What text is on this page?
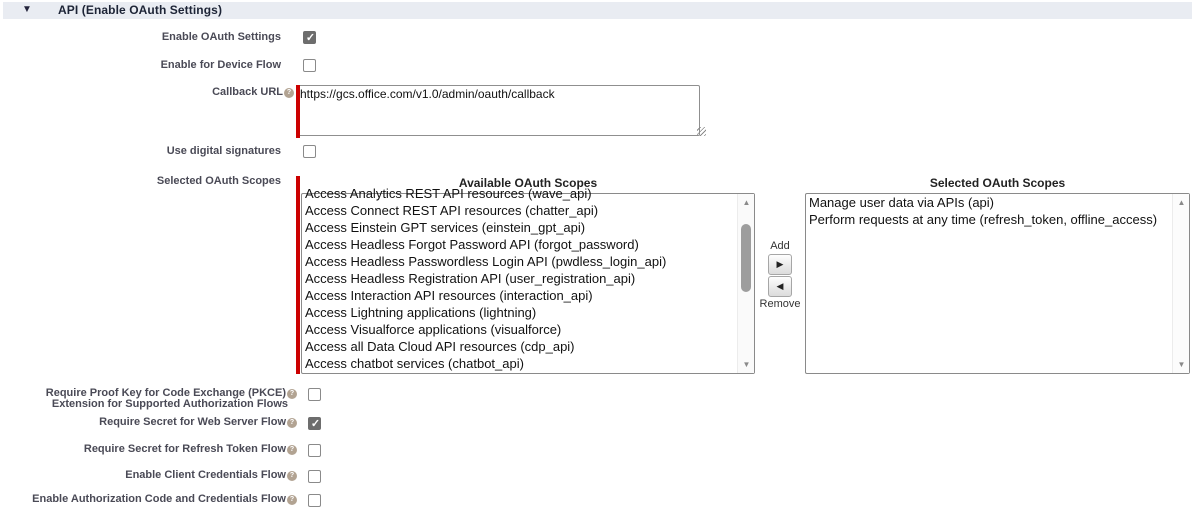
▼ API (Enable OAuth Settings)
Enable OAuth Settings
✓
Enable for Device Flow
Callback URL ?
https://gcs.office.com/v1.0/admin/oauth/callback
Use digital signatures
Selected OAuth Scopes	Available OAuth Scopes	Selected OAuth Scopes
Access Analytics REST API resources (wave_api)
Access Connect REST API resources (chatter_api)
Access Einstein GPT services (einstein_gpt_api)
Access Headless Forgot Password API (forgot_password)
Access Headless Passwordless Login API (pwdless_login_api)
Access Headless Registration API (user_registration_api)
Access Interaction API resources (interaction_api)
Access Lightning applications (lightning)
Access Visualforce applications (visualforce)
Access all Data Cloud API resources (cdp_api)
Access chatbot services (chatbot_api)
▲
▼
Add
▶
◀
Remove
Manage user data via APIs (api)
Perform requests at any time (refresh_token, offline_access)
▲
▼
Require Proof Key for Code Exchange (PKCE) ?
Extension for Supported Authorization Flows
Require Secret for Web Server Flow ?
✓
Require Secret for Refresh Token Flow ?
Enable Client Credentials Flow ?
Enable Authorization Code and Credentials Flow ?
